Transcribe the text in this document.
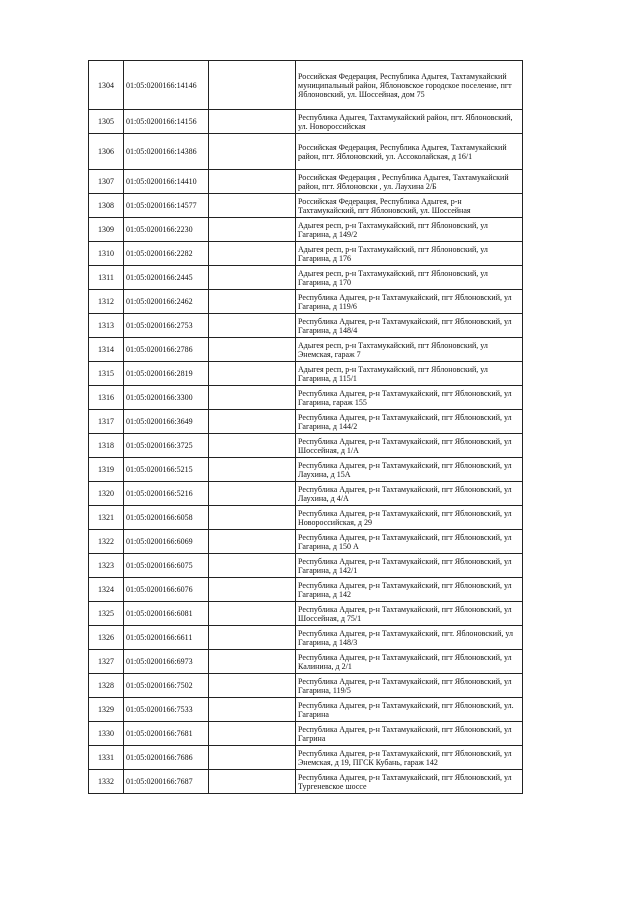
1304	01:05:0200166:14146		Российская Федерация, Республика Адыгея, Тахтамукайский муниципальный район, Яблоновское городское поселение, пгт Яблоновский, ул. Шоссейная, дом 75
1305	01:05:0200166:14156		Республика Адыгея, Тахтамукайский район, пгт. Яблоновский, ул. Новороссийская
1306	01:05:0200166:14386		Российская Федерация, Республика Адыгея, Тахтамукайский район, пгт. Яблоновский, ул. Ассоколайская, д 16/1
1307	01:05:0200166:14410		Российская Федерация , Республика Адыгея, Тахтамукайский район, пгт. Яблоновски , ул. Лаухина 2/Б
1308	01:05:0200166:14577		Российская Федерация, Республика Адыгея, р-н Тахтамукайский, пгт Яблоновский, ул. Шоссейная
1309	01:05:0200166:2230		Адыгея респ, р-н Тахтамукайский, пгт Яблоновский, ул Гагарина, д 149/2
1310	01:05:0200166:2282		Адыгея респ, р-н Тахтамукайский, пгт Яблоновский, ул Гагарина, д 176
1311	01:05:0200166:2445		Адыгея респ, р-н Тахтамукайский, пгт Яблоновский, ул Гагарина, д 170
1312	01:05:0200166:2462		Республика Адыгея, р-н Тахтамукайский, пгт Яблоновский, ул Гагарина, д 119/6
1313	01:05:0200166:2753		Республика Адыгея, р-н Тахтамукайский, пгт Яблоновский, ул Гагарина, д 148/4
1314	01:05:0200166:2786		Адыгея респ, р-н Тахтамукайский, пгт Яблоновский, ул Энемская, гараж 7
1315	01:05:0200166:2819		Адыгея респ, р-н Тахтамукайский, пгт Яблоновский, ул Гагарина, д 115/1
1316	01:05:0200166:3300		Республика Адыгея, р-н Тахтамукайский, пгт Яблоновский, ул Гагарина, гараж 155
1317	01:05:0200166:3649		Республика Адыгея, р-н Тахтамукайский, пгт Яблоновский, ул Гагарина, д 144/2
1318	01:05:0200166:3725		Республика Адыгея, р-н Тахтамукайский, пгт Яблоновский, ул Шоссейная, д 1/А
1319	01:05:0200166:5215		Республика Адыгея, р-н Тахтамукайский, пгт Яблоновский, ул Лаухина, д 15А
1320	01:05:0200166:5216		Республика Адыгея, р-н Тахтамукайский, пгт Яблоновский, ул Лаухина, д 4/А
1321	01:05:0200166:6058		Республика Адыгея, р-н Тахтамукайский, пгт Яблоновский, ул Новороссийская, д 29
1322	01:05:0200166:6069		Республика Адыгея, р-н Тахтамукайский, пгт Яблоновский, ул Гагарина, д 150 А
1323	01:05:0200166:6075		Республика Адыгея, р-н Тахтамукайский, пгт Яблоновский, ул Гагарина, д 142/1
1324	01:05:0200166:6076		Республика Адыгея, р-н Тахтамукайский, пгт Яблоновский, ул Гагарина, д 142
1325	01:05:0200166:6081		Республика Адыгея, р-н Тахтамукайский, пгт Яблоновский, ул Шоссейная, д 75/1
1326	01:05:0200166:6611		Республика Адыгея, р-н Тахтамукайский, пгт. Яблоновский, ул Гагарина, д 148/3
1327	01:05:0200166:6973		Республика Адыгея, р-н Тахтамукайский, пгт Яблоновский, ул Калинина, д 2/1
1328	01:05:0200166:7502		Республика Адыгея, р-н Тахтамукайский, пгт Яблоновский, ул Гагарина, 119/5
1329	01:05:0200166:7533		Республика Адыгея, р-н Тахтамукайский, пгт Яблоновский, ул. Гагарина
1330	01:05:0200166:7681		Республика Адыгея, р-н Тахтамукайский, пгт Яблоновский, ул Гагрина
1331	01:05:0200166:7686		Республика Адыгея, р-н Тахтамукайский, пгт Яблоновский, ул Энемская, д 19, ПГСК Кубань, гараж 142
1332	01:05:0200166:7687		Республика Адыгея, р-н Тахтамукайский, пгт Яблоновский, ул Тургеневское шоссе
